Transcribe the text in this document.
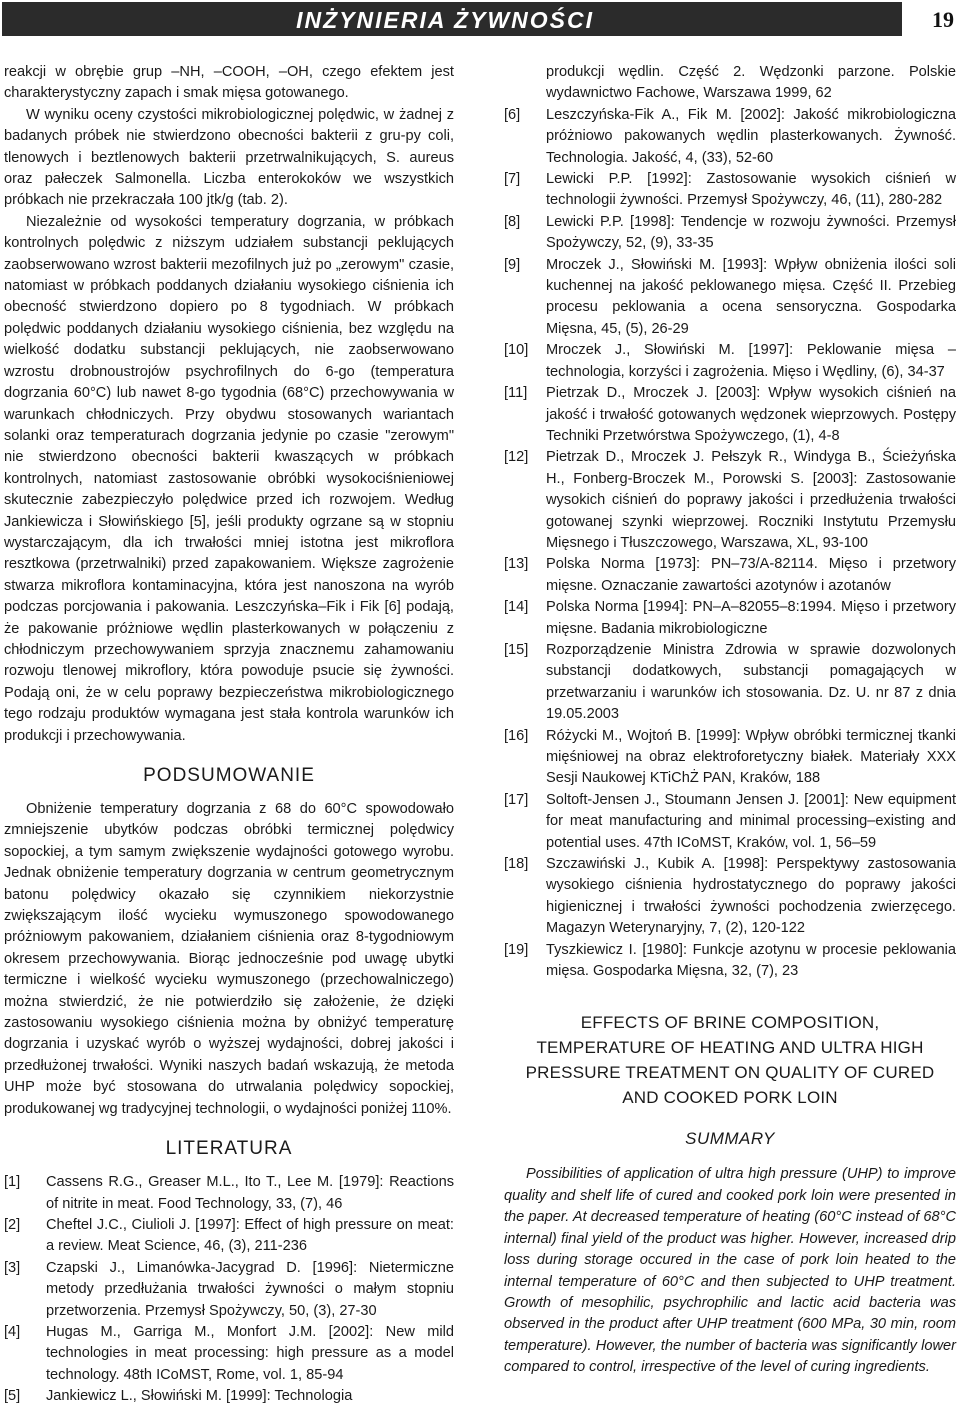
INŻYNIERIA ŻYWNOŚCI	19

reakcji w obrębie grup –NH, –COOH, –OH, czego efektem jest charakterystyczny zapach i smak mięsa gotowanego.

W wyniku oceny czystości mikrobiologicznej polędwic, w żadnej z badanych próbek nie stwierdzono obecności bakterii z gru-py coli, tlenowych i beztlenowych bakterii przetrwalnikujących, S. aureus oraz pałeczek Salmonella. Liczba enterokoków we wszystkich próbkach nie przekraczała 100 jtk/g (tab. 2).

Niezależnie od wysokości temperatury dogrzania, w próbkach kontrolnych polędwic z niższym udziałem substancji peklujących zaobserwowano wzrost bakterii mezofilnych już po „zerowym" czasie, natomiast w próbkach poddanych działaniu wysokiego ciśnienia ich obecność stwierdzono dopiero po 8 tygodniach. W próbkach polędwic poddanych działaniu wysokiego ciśnienia, bez względu na wielkość dodatku substancji peklujących, nie zaobserwowano wzrostu drobnoustrojów psychrofilnych do 6-go (temperatura dogrzania 60°C) lub nawet 8-go tygodnia (68°C) przechowywania w warunkach chłodniczych. Przy obydwu stosowanych wariantach solanki oraz temperaturach dogrzania jedynie po czasie "zerowym" nie stwierdzono obecności bakterii kwaszących w próbkach kontrolnych, natomiast zastosowanie obróbki wysokociśnieniowej skutecznie zabezpieczyło polędwice przed ich rozwojem. Według Jankiewicza i Słowińskiego [5], jeśli produkty ogrzane są w stopniu wystarczającym, dla ich trwałości mniej istotna jest mikroflora resztkowa (przetrwalniki) przed zapakowaniem. Większe zagrożenie stwarza mikroflora kontaminacyjna, która jest nanoszona na wyrób podczas porcjowania i pakowania. Leszczyńska–Fik i Fik [6] podają, że pakowanie próżniowe wędlin plasterkowanych w połączeniu z chłodniczym przechowywaniem sprzyja znacznemu zahamowaniu rozwoju tlenowej mikroflory, która powoduje psucie się żywności. Podają oni, że w celu poprawy bezpieczeństwa mikrobiologicznego tego rodzaju produktów wymagana jest stała kontrola warunków ich produkcji i przechowywania.

PODSUMOWANIE

Obniżenie temperatury dogrzania z 68 do 60°C spowodowało zmniejszenie ubytków podczas obróbki termicznej polędwicy sopockiej, a tym samym zwiększenie wydajności gotowego wyrobu. Jednak obniżenie temperatury dogrzania w centrum geometrycznym batonu polędwicy okazało się czynnikiem niekorzystnie zwiększającym ilość wycieku wymuszonego spowodowanego próżniowym pakowaniem, działaniem ciśnienia oraz 8-tygodniowym okresem przechowywania. Biorąc jednocześnie pod uwagę ubytki termiczne i wielkość wycieku wymuszonego (przechowalniczego) można stwierdzić, że nie potwierdziło się założenie, że dzięki zastosowaniu wysokiego ciśnienia można by obniżyć temperaturę dogrzania i uzyskać wyrób o wyższej wydajności, dobrej jakości i przedłużonej trwałości. Wyniki naszych badań wskazują, że metoda UHP może być stosowana do utrwalania polędwicy sopockiej, produkowanej wg tradycyjnej technologii, o wydajności poniżej 110%.

LITERATURA
[1]	Cassens R.G., Greaser M.L., Ito T., Lee M. [1979]: Reactions of nitrite in meat. Food Technology, 33, (7), 46
[2]	Cheftel J.C., Ciulioli J. [1997]: Effect of high pressure on meat: a review. Meat Science, 46, (3), 211-236
[3]	Czapski J., Limanówka-Jacygrad D. [1996]: Nietermiczne metody przedłużania trwałości żywności o małym stopniu przetworzenia. Przemysł Spożywczy, 50, (3), 27-30
[4]	Hugas M., Garriga M., Monfort J.M. [2002]: New mild technologies in meat processing: high pressure as a model technology. 48th ICoMST, Rome, vol. 1, 85-94
[5]	Jankiewicz L., Słowiński M. [1999]: Technologia
produkcji wędlin. Część 2. Wędzonki parzone. Polskie wydawnictwo Fachowe, Warszawa 1999, 62
[6]	Leszczyńska-Fik A., Fik M. [2002]: Jakość mikrobiologiczna próżniowo pakowanych wędlin plasterkowanych. Żywność. Technologia. Jakość, 4, (33), 52-60
[7]	Lewicki P.P. [1992]: Zastosowanie wysokich ciśnień w technologii żywności. Przemysł Spożywczy, 46, (11), 280-282
[8]	Lewicki P.P. [1998]: Tendencje w rozwoju żywności. Przemysł Spożywczy, 52, (9), 33-35
[9]	Mroczek J., Słowiński M. [1993]: Wpływ obniżenia ilości soli kuchennej na jakość peklowanego mięsa. Część II. Przebieg procesu peklowania a ocena sensoryczna. Gospodarka Mięsna, 45, (5), 26-29
[10]	Mroczek J., Słowiński M. [1997]: Peklowanie mięsa – technologia, korzyści i zagrożenia. Mięso i Wędliny, (6), 34-37
[11]	Pietrzak D., Mroczek J. [2003]: Wpływ wysokich ciśnień na jakość i trwałość gotowanych wędzonek wieprzowych. Postępy Techniki Przetwórstwa Spożywczego, (1), 4-8
[12]	Pietrzak D., Mroczek J. Pełszyk R., Windyga B., Ścieżyńska H., Fonberg-Broczek M., Porowski S. [2003]: Zastosowanie wysokich ciśnień do poprawy jakości i przedłużenia trwałości gotowanej szynki wieprzowej. Roczniki Instytutu Przemysłu Mięsnego i Tłuszczowego, Warszawa, XL, 93-100
[13]	Polska Norma [1973]: PN–73/A-82114. Mięso i przetwory mięsne. Oznaczanie zawartości azotynów i azotanów
[14]	Polska Norma [1994]: PN–A–82055–8:1994. Mięso i przetwory mięsne. Badania mikrobiologiczne
[15]	Rozporządzenie Ministra Zdrowia w sprawie dozwolonych substancji dodatkowych, substancji pomagających w przetwarzaniu i warunków ich stosowania. Dz. U. nr 87 z dnia 19.05.2003
[16]	Różycki M., Wojtoń B. [1999]: Wpływ obróbki termicznej tkanki mięśniowej na obraz elektroforetyczny białek. Materiały XXX Sesji Naukowej KTiChŻ PAN, Kraków, 188
[17]	Soltoft-Jensen J., Stoumann Jensen J. [2001]: New equipment for meat manufacturing and minimal processing–existing and potential uses. 47th ICoMST, Kraków, vol. 1, 56–59
[18]	Szczawiński J., Kubik A. [1998]: Perspektywy zastosowania wysokiego ciśnienia hydrostatycznego do poprawy jakości higienicznej i trwałości żywności pochodzenia zwierzęcego. Magazyn Weterynaryjny, 7, (2), 120-122
[19]	Tyszkiewicz I. [1980]: Funkcje azotynu w procesie peklowania mięsa. Gospodarka Mięsna, 32, (7), 23
EFFECTS OF BRINE COMPOSITION, TEMPERATURE OF HEATING AND ULTRA HIGH PRESSURE TREATMENT ON QUALITY OF CURED AND COOKED PORK LOIN
SUMMARY

Possibilities of application of ultra high pressure (UHP) to improve quality and shelf life of cured and cooked pork loin were presented in the paper. At decreased temperature of heating (60°C instead of 68°C internal) final yield of the product was higher. However, increased drip loss during storage occured in the case of pork loin heated to the internal temperature of 60°C and then subjected to UHP treatment. Growth of mesophilic, psychrophilic and lactic acid bacteria was observed in the product after UHP treatment (600 MPa, 30 min, room temperature). However, the number of bacteria was significantly lower compared to control, irrespective of the level of curing ingredients.
